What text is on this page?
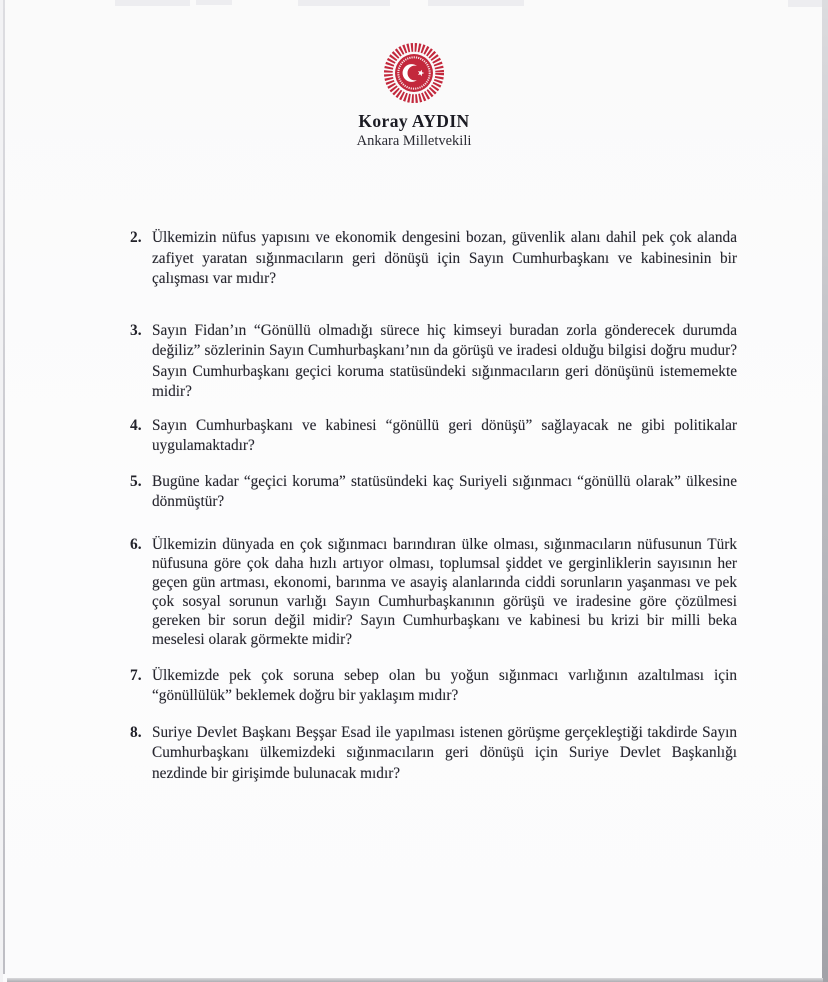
Koray AYDIN
Ankara Milletvekili
2. Ülkemizin nüfus yapısını ve ekonomik dengesini bozan, güvenlik alanı dahil pek çok alanda zafiyet yaratan sığınmacıların geri dönüşü için Sayın Cumhurbaşkanı ve kabinesinin bir çalışması var mıdır?
3. Sayın Fidan’ın “Gönüllü olmadığı sürece hiç kimseyi buradan zorla gönderecek durumda değiliz” sözlerinin Sayın Cumhurbaşkanı’nın da görüşü ve iradesi olduğu bilgisi doğru mudur? Sayın Cumhurbaşkanı geçici koruma statüsündeki sığınmacıların geri dönüşünü istememekte midir?
4. Sayın Cumhurbaşkanı ve kabinesi “gönüllü geri dönüşü” sağlayacak ne gibi politikalar uygulamaktadır?
5. Bugüne kadar “geçici koruma” statüsündeki kaç Suriyeli sığınmacı “gönüllü olarak” ülkesine dönmüştür?
6. Ülkemizin dünyada en çok sığınmacı barındıran ülke olması, sığınmacıların nüfusunun Türk nüfusuna göre çok daha hızlı artıyor olması, toplumsal şiddet ve gerginliklerin sayısının her geçen gün artması, ekonomi, barınma ve asayiş alanlarında ciddi sorunların yaşanması ve pek çok sosyal sorunun varlığı Sayın Cumhurbaşkanının görüşü ve iradesine göre çözülmesi gereken bir sorun değil midir? Sayın Cumhurbaşkanı ve kabinesi bu krizi bir milli beka meselesi olarak görmekte midir?
7. Ülkemizde pek çok soruna sebep olan bu yoğun sığınmacı varlığının azaltılması için “gönüllülük” beklemek doğru bir yaklaşım mıdır?
8. Suriye Devlet Başkanı Beşşar Esad ile yapılması istenen görüşme gerçekleştiği takdirde Sayın Cumhurbaşkanı ülkemizdeki sığınmacıların geri dönüşü için Suriye Devlet Başkanlığı nezdinde bir girişimde bulunacak mıdır?
